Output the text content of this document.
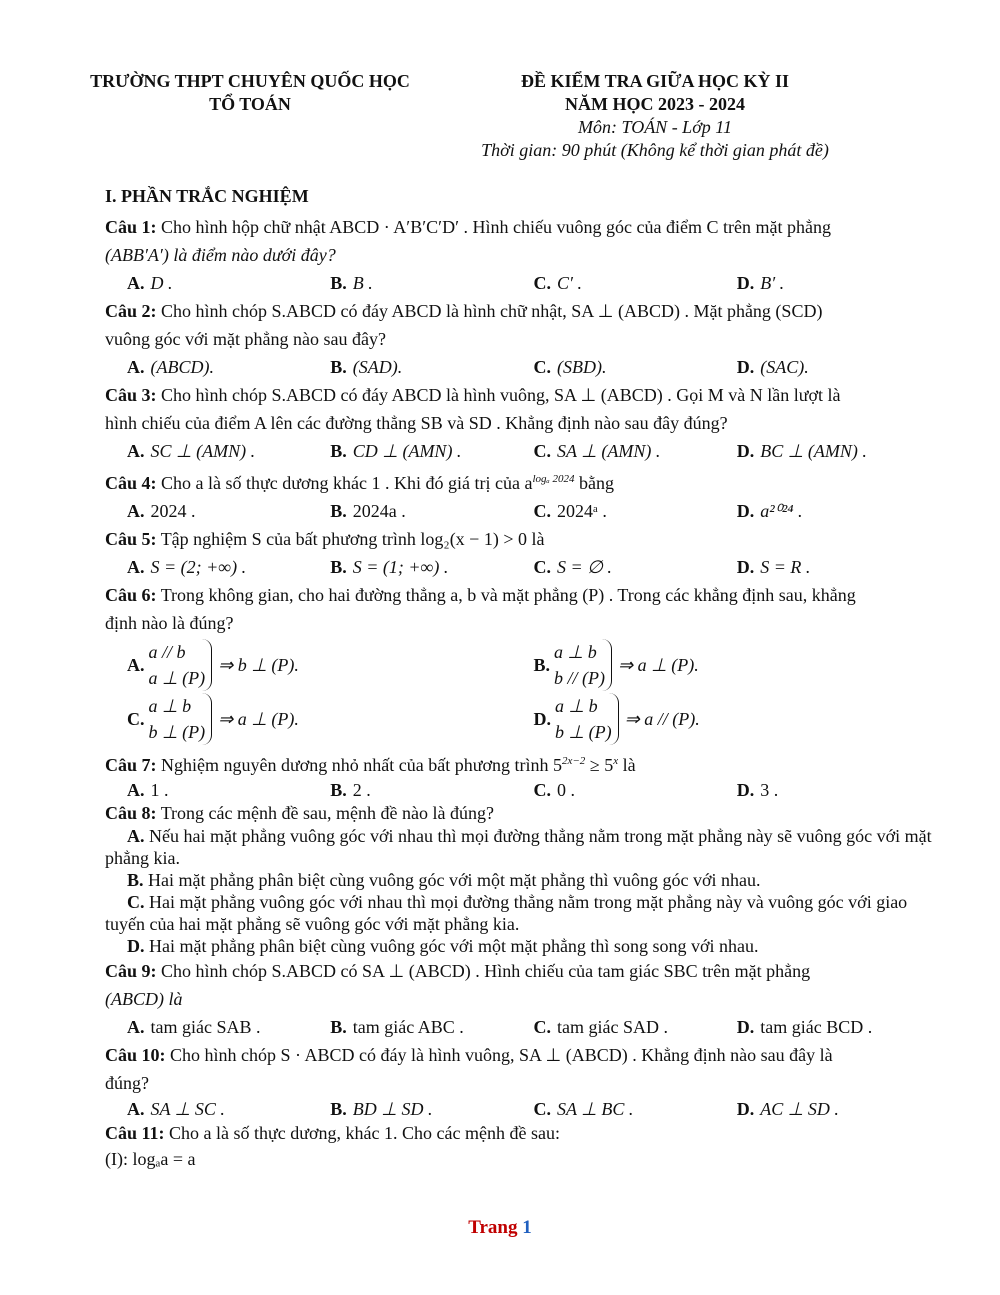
TRƯỜNG THPT CHUYÊN QUỐC HỌC
TỔ TOÁN
ĐỀ KIỂM TRA GIỮA HỌC KỲ II
NĂM HỌC 2023 - 2024
Môn: TOÁN - Lớp 11
Thời gian: 90 phút (Không kể thời gian phát đề)
I. PHẦN TRẮC NGHIỆM

Câu 1: Cho hình hộp chữ nhật ABCD · A′B′C′D′ . Hình chiếu vuông góc của điểm C trên mặt phẳng

(ABB′A′) là điểm nào dưới đây?

A. D .	B. B .	C. C′ .	D. B′ .

Câu 2: Cho hình chóp S.ABCD có đáy ABCD là hình chữ nhật, SA ⊥ (ABCD) . Mặt phẳng (SCD)

vuông góc với mặt phẳng nào sau đây?

A. (ABCD).	B. (SAD).	C. (SBD).	D. (SAC).

Câu 3: Cho hình chóp S.ABCD có đáy ABCD là hình vuông, SA ⊥ (ABCD) . Gọi M và N lần lượt là

hình chiếu của điểm A lên các đường thẳng SB và SD . Khẳng định nào sau đây đúng?

A. SC ⊥ (AMN) .	B. CD ⊥ (AMN) .	C. SA ⊥ (AMN) .	D. BC ⊥ (AMN) .

Câu 4: Cho a là số thực dương khác 1 . Khi đó giá trị của $a^{log_a 2024}$ bằng

A. 2024 .	B. 2024a .	C. 2024ᵃ .	D. a²⁰²⁴ .

Câu 5: Tập nghiệm S của bất phương trình log₂(x − 1) > 0 là

A. S = (2; +∞) .	B. S = (1; +∞) .	C. S = ∅ .	D. S = R .

Câu 6: Trong không gian, cho hai đường thẳng a, b và mặt phẳng (P) . Trong các khẳng định sau, khẳng

định nào là đúng?

A.
a // b
a ⊥ (P)
⇒ b ⊥ (P).	B.
a ⊥ b
b // (P)
⇒ a ⊥ (P).
C.
a ⊥ b
b ⊥ (P)
⇒ a ⊥ (P).	D.
a ⊥ b
b ⊥ (P)
⇒ a // (P).

Câu 7: Nghiệm nguyên dương nhỏ nhất của bất phương trình $5^{2x-2} \ge 5^x$ là

A. 1 .	B. 2 .	C. 0 .	D. 3 .

Câu 8: Trong các mệnh đề sau, mệnh đề nào là đúng?

A. Nếu hai mặt phẳng vuông góc với nhau thì mọi đường thẳng nằm trong mặt phẳng này sẽ vuông góc với mặt phẳng kia.

B. Hai mặt phẳng phân biệt cùng vuông góc với một mặt phẳng thì vuông góc với nhau.

C. Hai mặt phẳng vuông góc với nhau thì mọi đường thẳng nằm trong mặt phẳng này và vuông góc với giao tuyến của hai mặt phẳng sẽ vuông góc với mặt phẳng kia.

D. Hai mặt phẳng phân biệt cùng vuông góc với một mặt phẳng thì song song với nhau.

Câu 9: Cho hình chóp S.ABCD có SA ⊥ (ABCD) . Hình chiếu của tam giác SBC trên mặt phẳng

(ABCD) là

A. tam giác SAB .	B. tam giác ABC .	C. tam giác SAD .	D. tam giác BCD .

Câu 10: Cho hình chóp S · ABCD có đáy là hình vuông, SA ⊥ (ABCD) . Khẳng định nào sau đây là

đúng?

A. SA ⊥ SC .	B. BD ⊥ SD .	C. SA ⊥ BC .	D. AC ⊥ SD .

Câu 11: Cho a là số thực dương, khác 1. Cho các mệnh đề sau:

(I): logₐa = a

Trang 1
